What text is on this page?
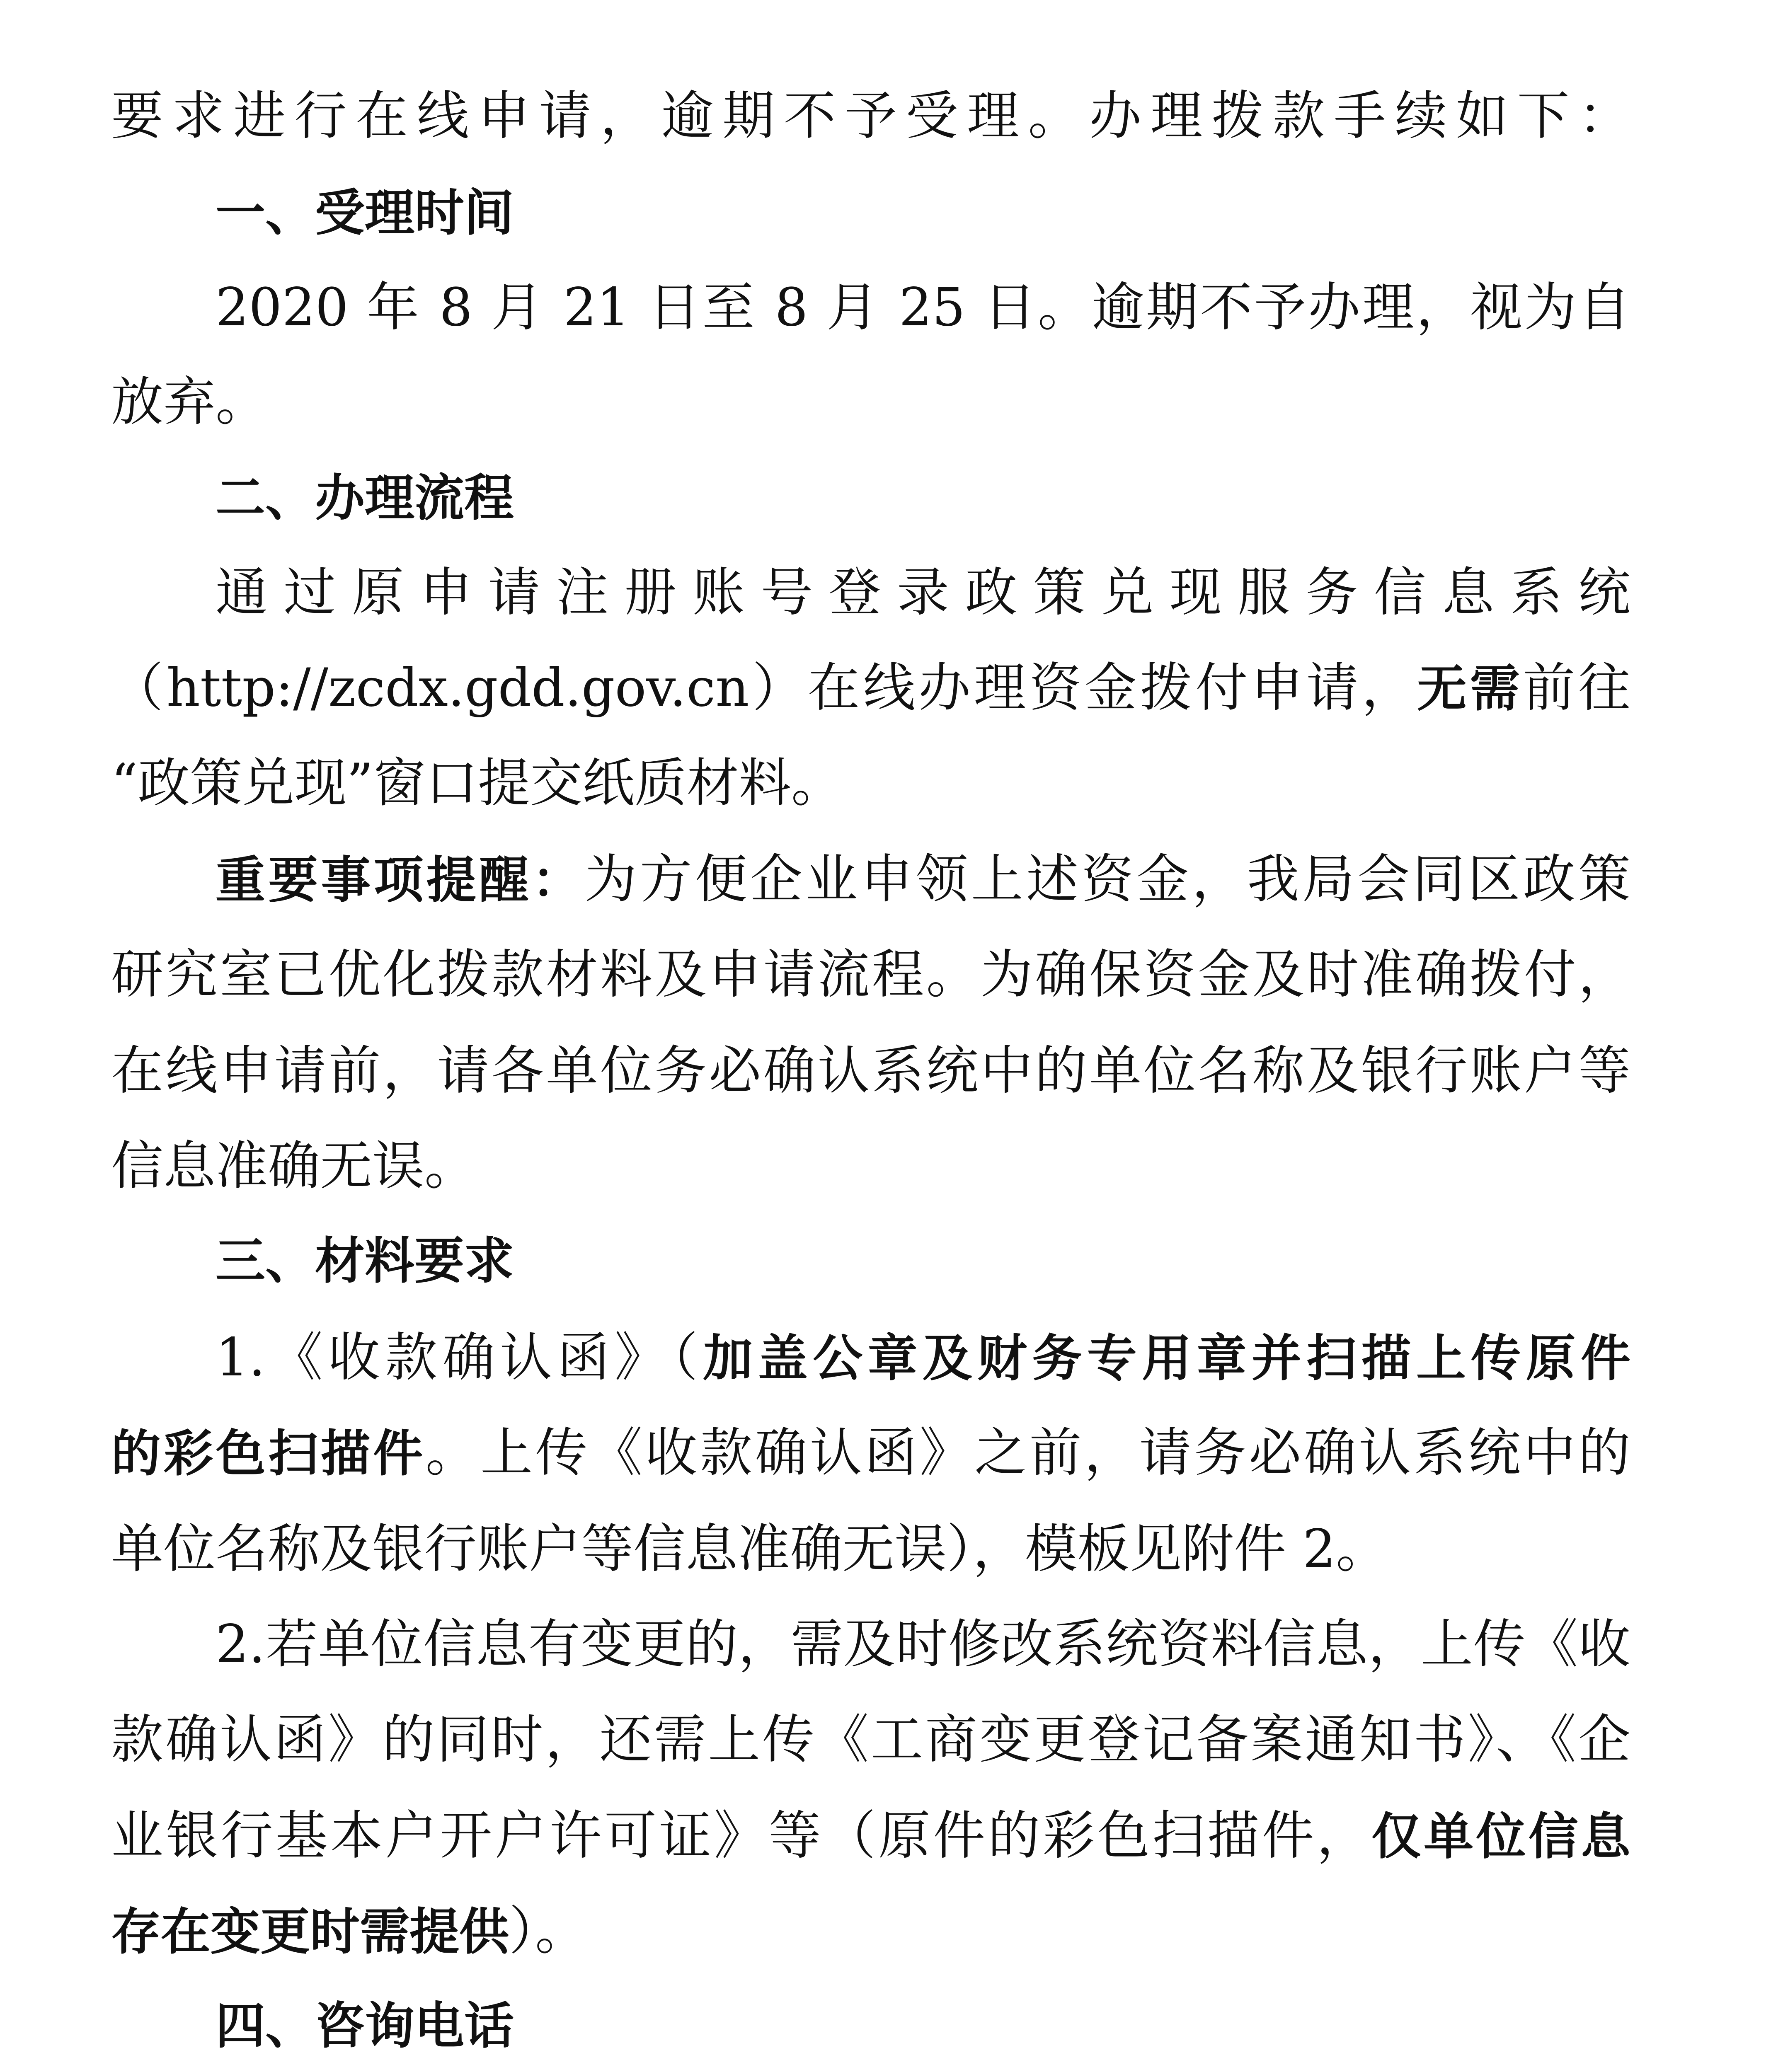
要求进行在线申请，逾期不予受理。办理拨款手续如下：
一、受理时间
2020 年 8 月 21 日至 8 月 25 日。逾期不予办理，视为自
放弃。
二、办理流程
通过原申请注册账号登录政策兑现服务信息系统
（http://zcdx.gdd.gov.cn）在线办理资金拨付申请，无需前往
“政策兑现”窗口提交纸质材料。
重要事项提醒：为方便企业申领上述资金，我局会同区政策
研究室已优化拨款材料及申请流程。为确保资金及时准确拨付，
在线申请前，请各单位务必确认系统中的单位名称及银行账户等
信息准确无误。
三、材料要求
1.《收款确认函》（加盖公章及财务专用章并扫描上传原件
的彩色扫描件。上传《收款确认函》之前，请务必确认系统中的
单位名称及银行账户等信息准确无误），模板见附件 2。
2.若单位信息有变更的，需及时修改系统资料信息，上传《收
款确认函》的同时，还需上传《工商变更登记备案通知书》、《企
业银行基本户开户许可证》等（原件的彩色扫描件，仅单位信息
存在变更时需提供）。
四、咨询电话
